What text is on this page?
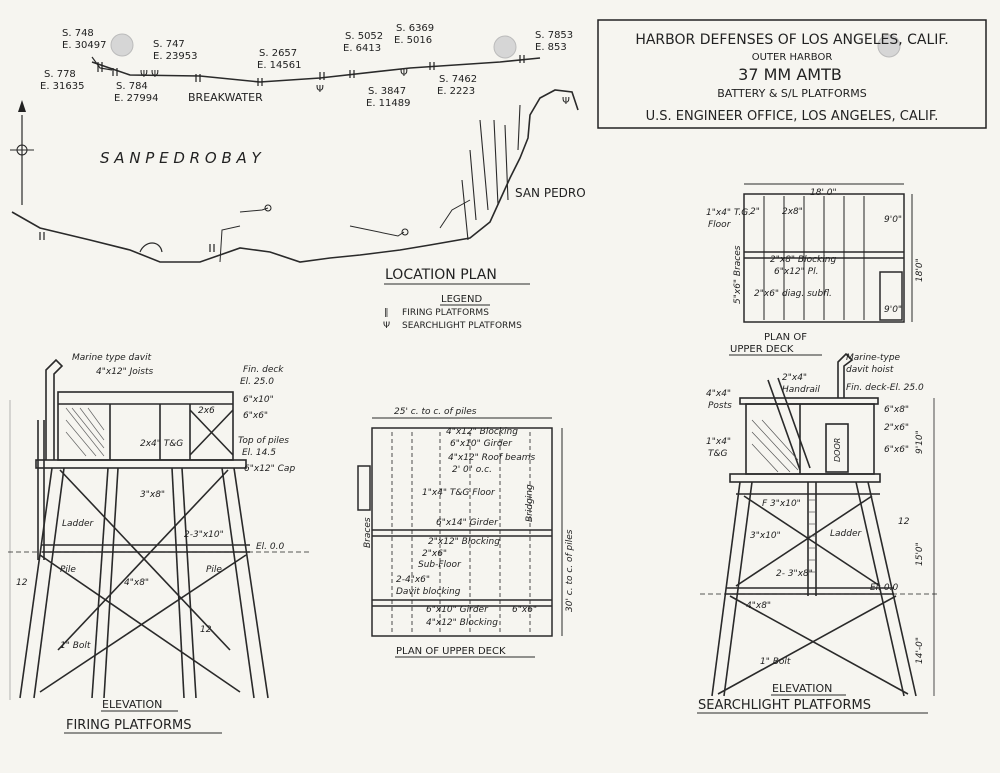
HARBOR DEFENSES OF LOS ANGELES, CALIF.
OUTER HARBOR
37 MM AMTB
BATTERY & S/L PLATFORMS
U.S. ENGINEER OFFICE, LOS ANGELES, CALIF.
Ψ Ψ
Ψ
Ψ
Ψ
S. 748
E. 30497	S. 747
E. 23953
S. 778
E. 31635	S. 784
E. 27994
S. 2657
E. 14561
S. 5052
E. 6413
S. 6369
E. 5016	S. 7853
E. 853
S. 7462
E. 2223
S. 3847
E. 11489
BREAKWATER
S A N P E D R O B A Y
SAN PEDRO
LOCATION PLAN
LEGEND
‖ FIRING PLATFORMS
Ψ SEARCHLIGHT PLATFORMS
Marine type davit
4"x12" Joists	Fin. deck
El. 25.0
6"x10"
6"x6"
2x6
2x4" T&G	Top of piles
El. 14.5
6"x12" Cap
3"x8"
Ladder
2-3"x10"
El. 0.0
Pile	Pile
4"x8"
1" Bolt
12
12
ELEVATION
FIRING PLATFORMS
25' c. to c. of piles
4"x12" Blocking
6"x10" Girder
4"x12" Roof beams
2' 0" o.c.
1"x4" T&G Floor
6"x14" Girder
2"x12" Blocking
2"x6"
Sub-Floor
2-4"x6"
Davit blocking
6"x10" Girder	6"x6"
4"x12" Blocking
Bridging
Braces	30' c. to c. of piles
PLAN OF UPPER DECK
18' 0"
1"x4" T.G.
Floor
2" 2x8"
2"x8" Blocking
6"x12" Pl.
2"x6" diag. subfl.
5"x6" Braces
9'0"
18'0"
9'0"
PLAN OF
UPPER DECK
Marine-type
davit hoist
2"x4"
Handrail	Fin. deck-El. 25.0
4"x4"
Posts	6"x8"
2"x6"
6"x6"
DOOR
1"x4"
T&G	9'10"
F 3"x10"
3"x10"	Ladder
15'0"
12
2- 3"x8"
El. 0.0
4"x8"
14'-0"
1" Bolt
ELEVATION
SEARCHLIGHT PLATFORMS
